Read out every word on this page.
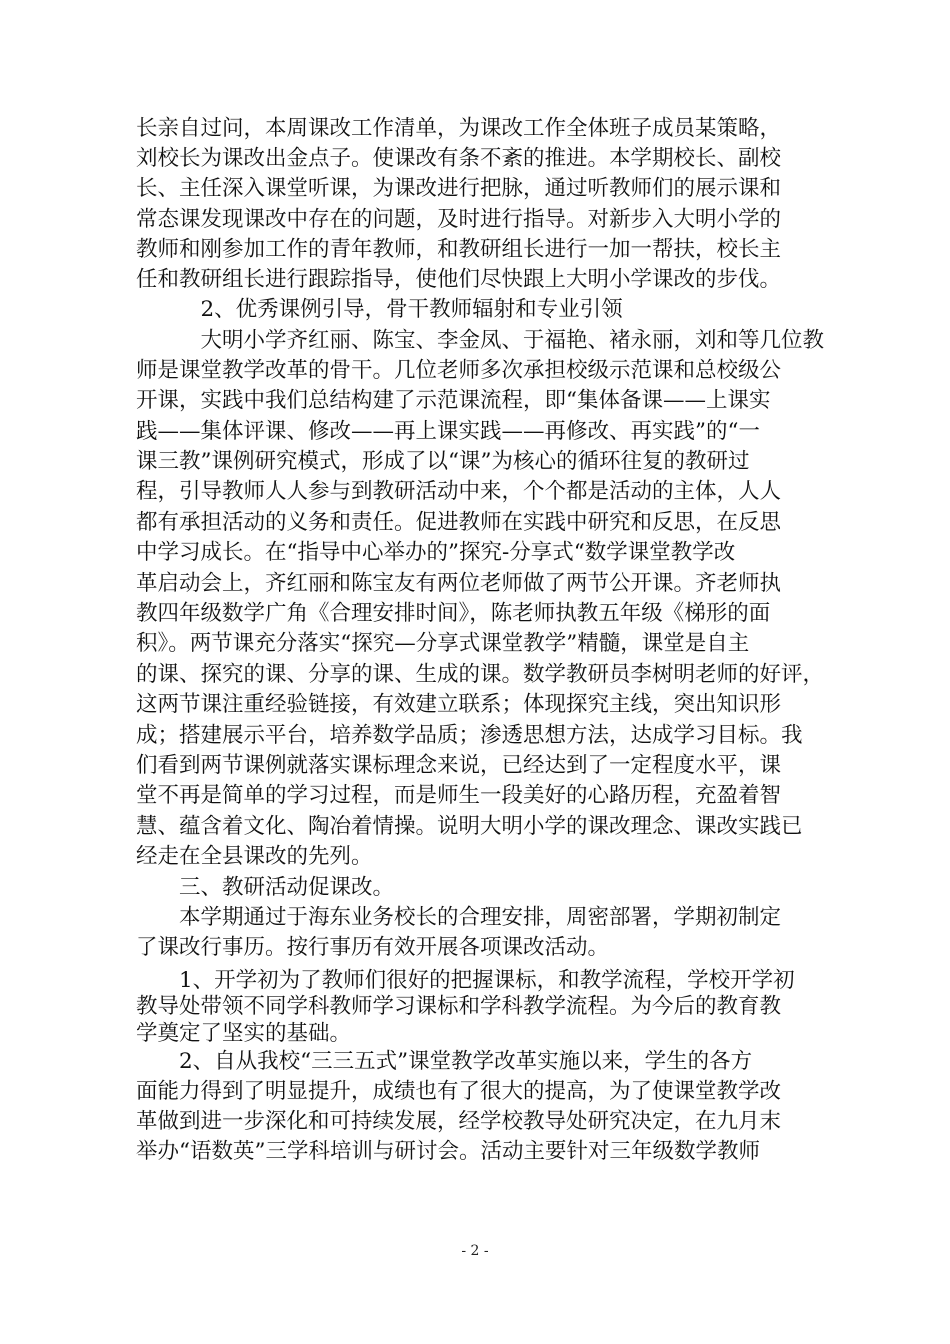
长亲自过问，本周课改工作清单，为课改工作全体班子成员某策略，
刘校长为课改出金点子。使课改有条不紊的推进。本学期校长、副校
长、主任深入课堂听课，为课改进行把脉，通过听教师们的展示课和
常态课发现课改中存在的问题，及时进行指导。对新步入大明小学的
教师和刚参加工作的青年教师，和教研组长进行一加一帮扶，校长主
任和教研组长进行跟踪指导，使他们尽快跟上大明小学课改的步伐。
　　　2、优秀课例引导，骨干教师辐射和专业引领
　　　大明小学齐红丽、陈宝、李金凤、于福艳、褚永丽，刘和等几位教
师是课堂教学改革的骨干。几位老师多次承担校级示范课和总校级公
开课，实践中我们总结构建了示范课流程，即“集体备课——上课实
践——集体评课、修改——再上课实践——再修改、再实践”的“一
课三教”课例研究模式，形成了以“课”为核心的循环往复的教研过
程，引导教师人人参与到教研活动中来，个个都是活动的主体，人人
都有承担活动的义务和责任。促进教师在实践中研究和反思，在反思
中学习成长。在“指导中心举办的”探究-分享式“数学课堂教学改
革启动会上，齐红丽和陈宝友有两位老师做了两节公开课。齐老师执
教四年级数学广角《合理安排时间》，陈老师执教五年级《梯形的面
积》。两节课充分落实“探究—分享式课堂教学”精髓，课堂是自主
的课、探究的课、分享的课、生成的课。数学教研员李树明老师的好评，
这两节课注重经验链接，有效建立联系；体现探究主线，突出知识形
成；搭建展示平台，培养数学品质；渗透思想方法，达成学习目标。我
们看到两节课例就落实课标理念来说，已经达到了一定程度水平，课
堂不再是简单的学习过程，而是师生一段美好的心路历程，充盈着智
慧、蕴含着文化、陶冶着情操。说明大明小学的课改理念、课改实践已
经走在全县课改的先列。
　　三、教研活动促课改。
　　本学期通过于海东业务校长的合理安排，周密部署，学期初制定
了课改行事历。按行事历有效开展各项课改活动。
　　1、开学初为了教师们很好的把握课标，和教学流程，学校开学初
教导处带领不同学科教师学习课标和学科教学流程。为今后的教育教
学奠定了坚实的基础。
　　2、自从我校“三三五式”课堂教学改革实施以来，学生的各方
面能力得到了明显提升，成绩也有了很大的提高，为了使课堂教学改
革做到进一步深化和可持续发展，经学校教导处研究决定，在九月末
举办“语数英”三学科培训与研讨会。活动主要针对三年级数学教师
- 2 -
